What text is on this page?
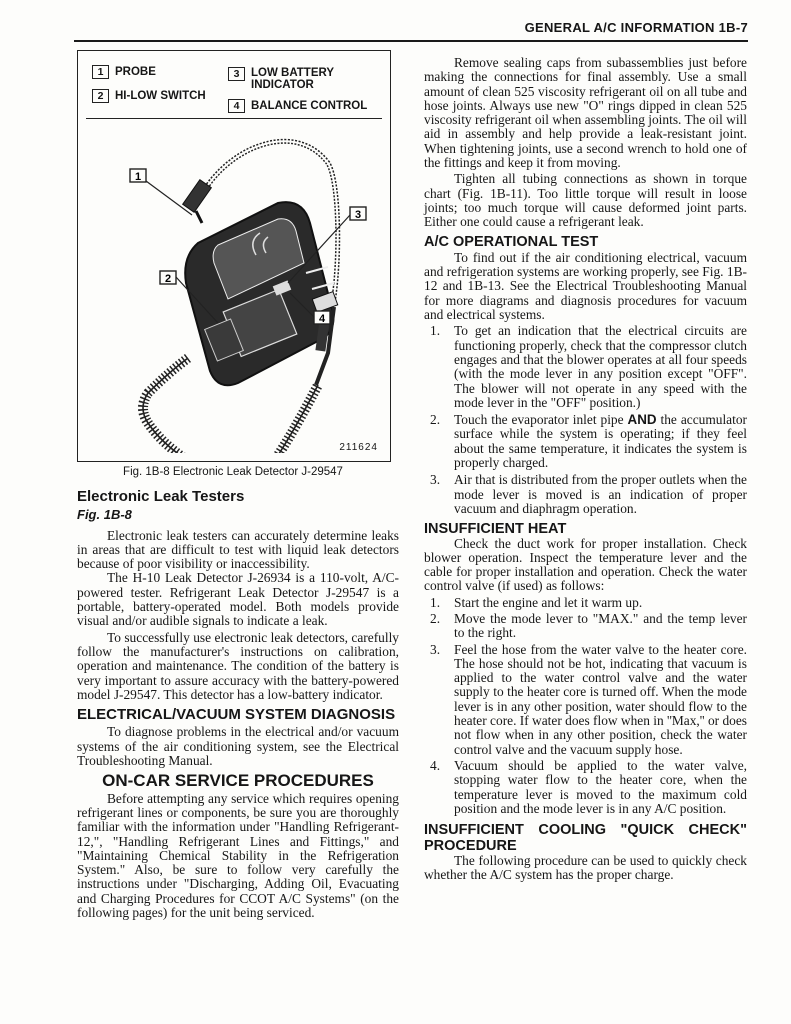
GENERAL A/C INFORMATION 1B-7
1 PROBE
2 HI-LOW SWITCH
3	LOW BATTERY INDICATOR
4 BALANCE CONTROL
1
2
3
4
211624
Fig. 1B-8 Electronic Leak Detector J-29547

Electronic Leak Testers

Fig. 1B-8

Electronic leak testers can accurately determine leaks in areas that are difficult to test with liquid leak detectors because of poor visibility or inaccessibility.

The H-10 Leak Detector J-26934 is a 110-volt, A/C-powered tester. Refrigerant Leak Detector J-29547 is a portable, battery-operated model. Both models provide visual and/or audible signals to indicate a leak.

To successfully use electronic leak detectors, carefully follow the manufacturer's instructions on calibration, operation and maintenance. The condition of the battery is very important to assure accuracy with the battery-powered model J-29547. This detector has a low-battery indicator.

ELECTRICAL/VACUUM SYSTEM DIAGNOSIS

To diagnose problems in the electrical and/or vacuum systems of the air conditioning system, see the Electrical Troubleshooting Manual.

ON-CAR SERVICE PROCEDURES

Before attempting any service which requires opening refrigerant lines or components, be sure you are thoroughly familiar with the information under "Handling Refrigerant-12,", "Handling Refrigerant Lines and Fittings," and "Maintaining Chemical Stability in the Refrigeration System." Also, be sure to follow very carefully the instructions under "Discharging, Adding Oil, Evacuating and Charging Procedures for CCOT A/C Systems" (on the following pages) for the unit being serviced.

Remove sealing caps from subassemblies just before making the connections for final assembly. Use a small amount of clean 525 viscosity refrigerant oil on all tube and hose joints. Always use new "O" rings dipped in clean 525 viscosity refrigerant oil when assembling joints. The oil will aid in assembly and help provide a leak-resistant joint. When tightening joints, use a second wrench to hold one of the fittings and keep it from moving.

Tighten all tubing connections as shown in torque chart (Fig. 1B-11). Too little torque will result in loose joints; too much torque will cause deformed joint parts. Either one could cause a refrigerant leak.

A/C OPERATIONAL TEST

To find out if the air conditioning electrical, vacuum and refrigeration systems are working properly, see Fig. 1B-12 and 1B-13. See the Electrical Troubleshooting Manual for more diagrams and diagnosis procedures for vacuum and electrical systems.

1. To get an indication that the electrical circuits are functioning properly, check that the compressor clutch engages and that the blower operates at all four speeds (with the mode lever in any position except "OFF". The blower will not operate in any speed with the mode lever in the "OFF" position.)
2. Touch the evaporator inlet pipe AND the accumulator surface while the system is operating; if they feel about the same temperature, it indicates the system is properly charged.
3. Air that is distributed from the proper outlets when the mode lever is moved is an indication of proper vacuum and diaphragm operation.

INSUFFICIENT HEAT

Check the duct work for proper installation. Check blower operation. Inspect the temperature lever and the cable for proper installation and operation. Check the water control valve (if used) as follows:

1. Start the engine and let it warm up.
2. Move the mode lever to "MAX." and the temp lever to the right.
3. Feel the hose from the water valve to the heater core. The hose should not be hot, indicating that vacuum is applied to the water control valve and the water supply to the heater core is turned off. When the mode lever is in any other position, water should flow to the heater core. If water does flow when in ''Max,'' or does not flow when in any other position, check the water control valve and the vacuum supply hose.
4. Vacuum should be applied to the water valve, stopping water flow to the heater core, when the temperature lever is moved to the maximum cold position and the mode lever is in any A/C position.

INSUFFICIENT COOLING "QUICK CHECK" PROCEDURE

The following procedure can be used to quickly check whether the A/C system has the proper charge.
